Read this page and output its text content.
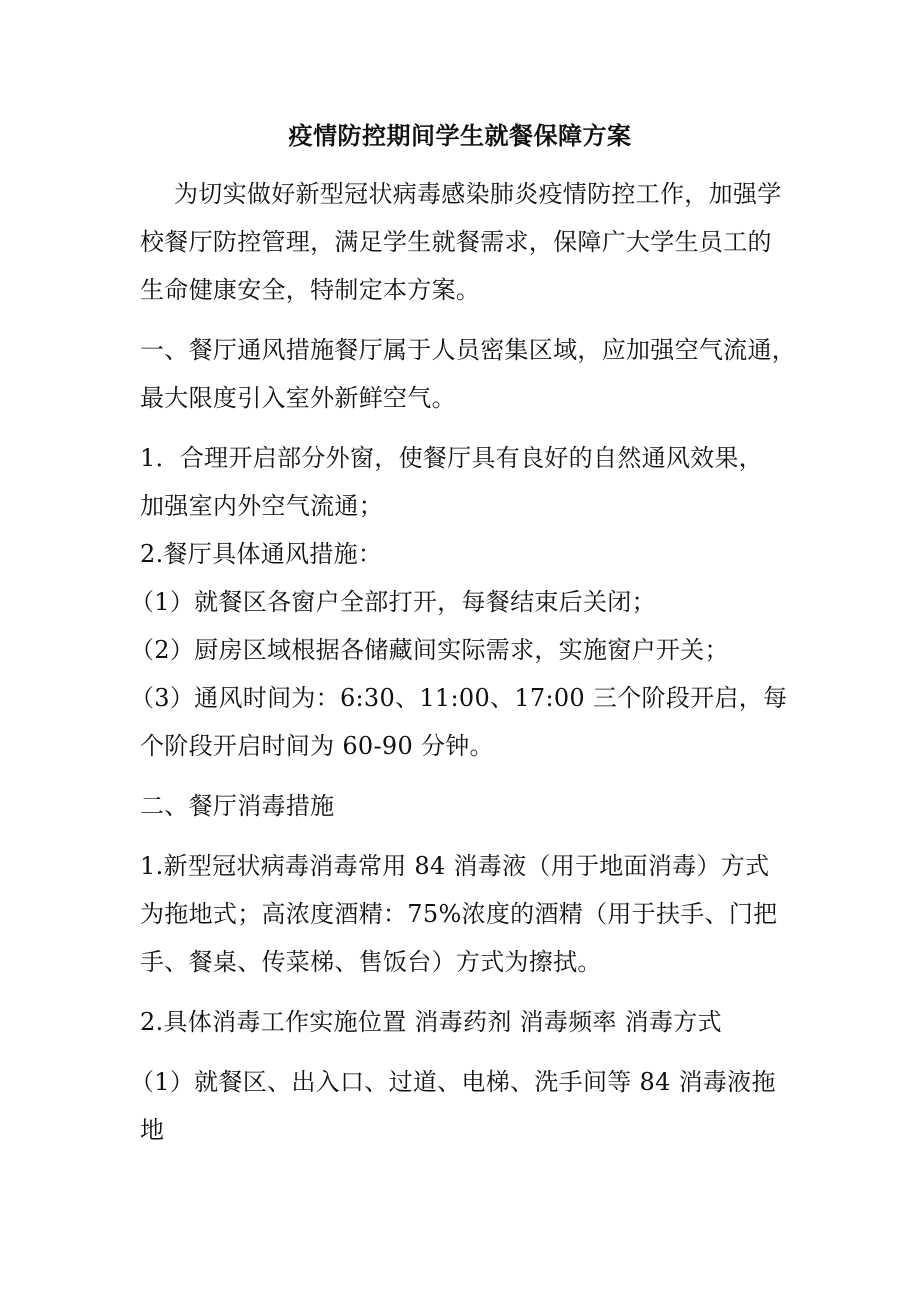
疫情防控期间学生就餐保障方案
为切实做好新型冠状病毒感染肺炎疫情防控工作，加强学
校餐厅防控管理，满足学生就餐需求，保障广大学生员工的
生命健康安全，特制定本方案。
一、餐厅通风措施餐厅属于人员密集区域，应加强空气流通，
最大限度引入室外新鲜空气。
1．合理开启部分外窗，使餐厅具有良好的自然通风效果，
加强室内外空气流通；
2.餐厅具体通风措施：
（1）就餐区各窗户全部打开，每餐结束后关闭；
（2）厨房区域根据各储藏间实际需求，实施窗户开关；
（3）通风时间为：6:30、11:00、17:00 三个阶段开启，每
个阶段开启时间为 60-90 分钟。
二、餐厅消毒措施
1.新型冠状病毒消毒常用 84 消毒液（用于地面消毒）方式
为拖地式；高浓度酒精：75%浓度的酒精（用于扶手、门把
手、餐桌、传菜梯、售饭台）方式为擦拭。
2.具体消毒工作实施位置 消毒药剂 消毒频率 消毒方式
（1）就餐区、出入口、过道、电梯、洗手间等 84 消毒液拖
地
